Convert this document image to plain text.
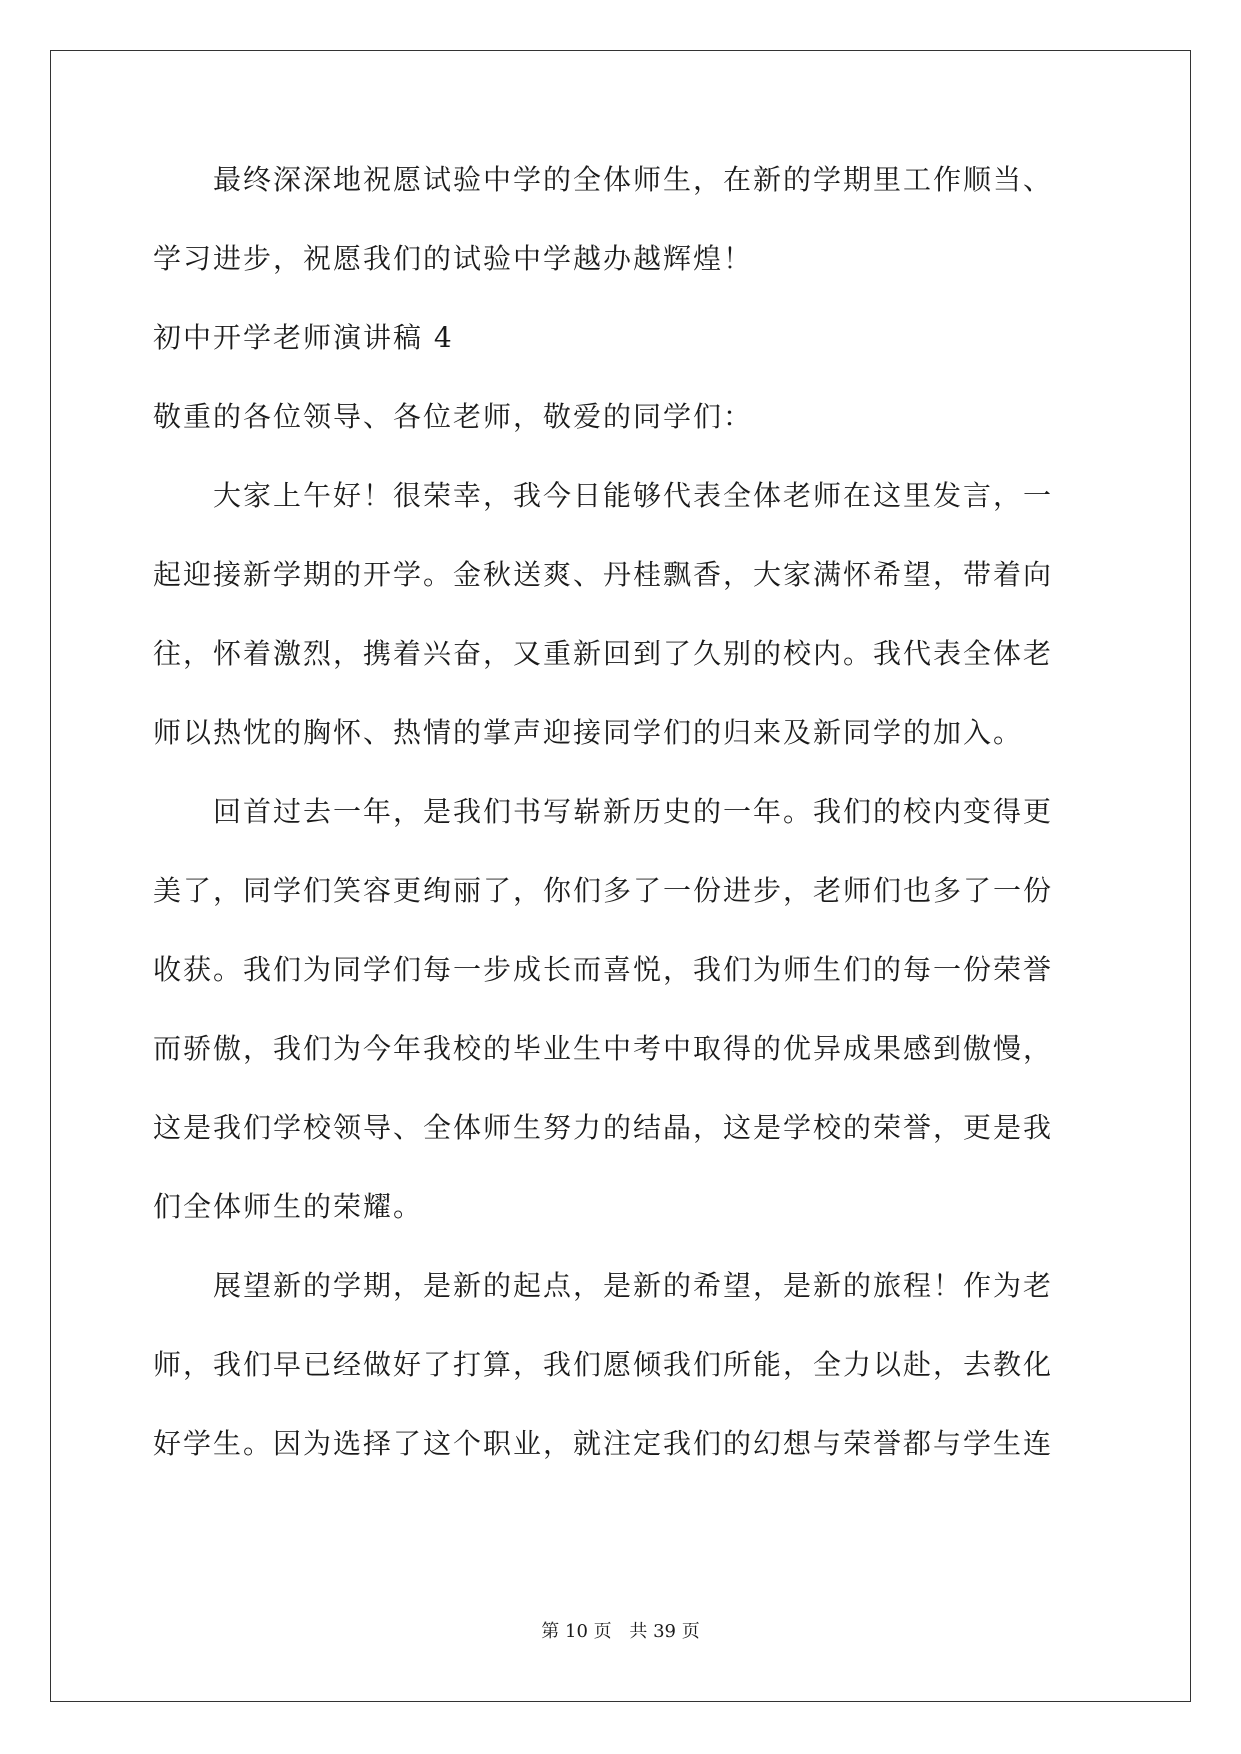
　　最终深深地祝愿试验中学的全体师生，在新的学期里工作顺当、
学习进步，祝愿我们的试验中学越办越辉煌！
初中开学老师演讲稿 4
敬重的各位领导、各位老师，敬爱的同学们：
　　大家上午好！很荣幸，我今日能够代表全体老师在这里发言，一
起迎接新学期的开学。金秋送爽、丹桂飘香，大家满怀希望，带着向
往，怀着激烈，携着兴奋，又重新回到了久别的校内。我代表全体老
师以热忱的胸怀、热情的掌声迎接同学们的归来及新同学的加入。
　　回首过去一年，是我们书写崭新历史的一年。我们的校内变得更
美了，同学们笑容更绚丽了，你们多了一份进步，老师们也多了一份
收获。我们为同学们每一步成长而喜悦，我们为师生们的每一份荣誉
而骄傲，我们为今年我校的毕业生中考中取得的优异成果感到傲慢，
这是我们学校领导、全体师生努力的结晶，这是学校的荣誉，更是我
们全体师生的荣耀。
　　展望新的学期，是新的起点，是新的希望，是新的旅程！作为老
师，我们早已经做好了打算，我们愿倾我们所能，全力以赴，去教化
好学生。因为选择了这个职业，就注定我们的幻想与荣誉都与学生连
第 10 页 共 39 页
